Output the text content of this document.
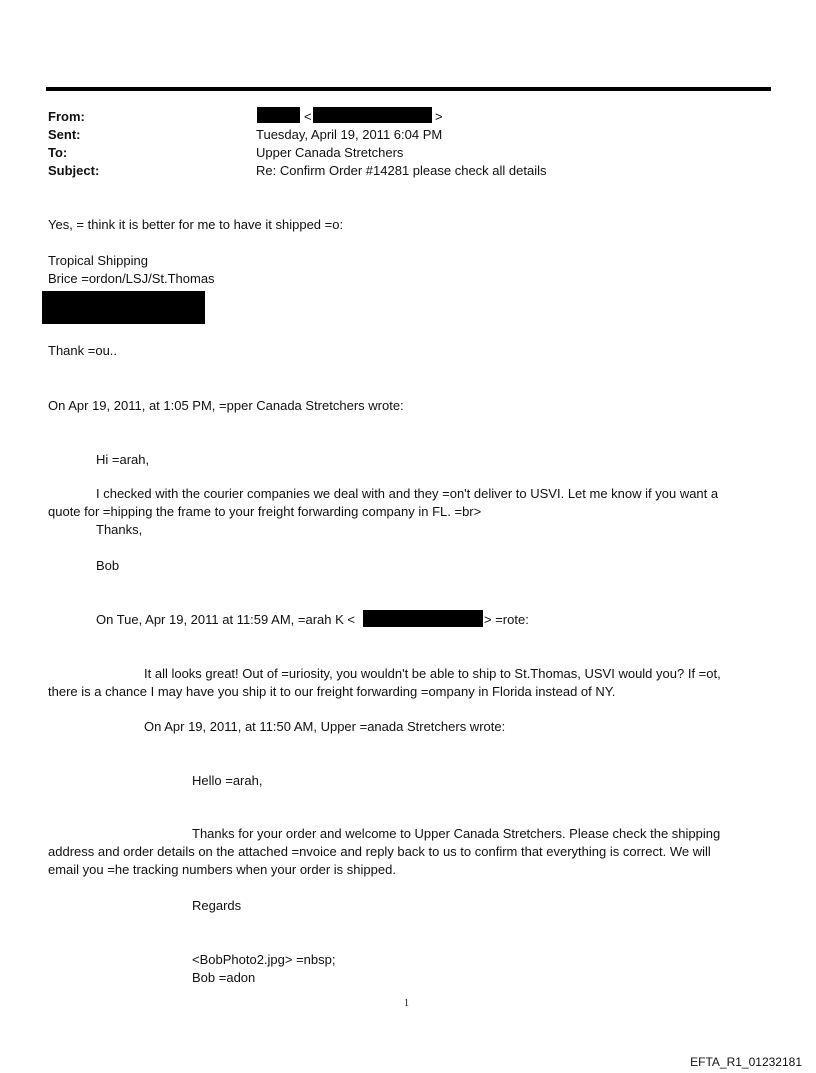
From:
Sent:
To:
Subject:
<	>
Tuesday, April 19, 2011 6:04 PM
Upper Canada Stretchers
Re: Confirm Order #14281 please check all details
Yes, = think it is better for me to have it shipped =o:
Tropical Shipping
Brice =ordon/LSJ/St.Thomas
Thank =ou..
On Apr 19, 2011, at 1:05 PM, =pper Canada Stretchers wrote:
Hi =arah,
I checked with the courier companies we deal with and they =on't deliver to USVI. Let me know if you want a
quote for =hipping the frame to your freight forwarding company in FL. =br>
Thanks,
Bob
On Tue, Apr 19, 2011 at 11:59 AM, =arah K <	> =rote:
It all looks great! Out of =uriosity, you wouldn't be able to ship to St.Thomas, USVI would you? If =ot,
there is a chance I may have you ship it to our freight forwarding =ompany in Florida instead of NY.
On Apr 19, 2011, at 11:50 AM, Upper =anada Stretchers wrote:
Hello =arah,
Thanks for your order and welcome to Upper Canada Stretchers. Please check the shipping
address and order details on the attached =nvoice and reply back to us to confirm that everything is correct. We will
email you =he tracking numbers when your order is shipped.
Regards
<BobPhoto2.jpg> =nbsp;
Bob =adon
1
EFTA_R1_01232181
